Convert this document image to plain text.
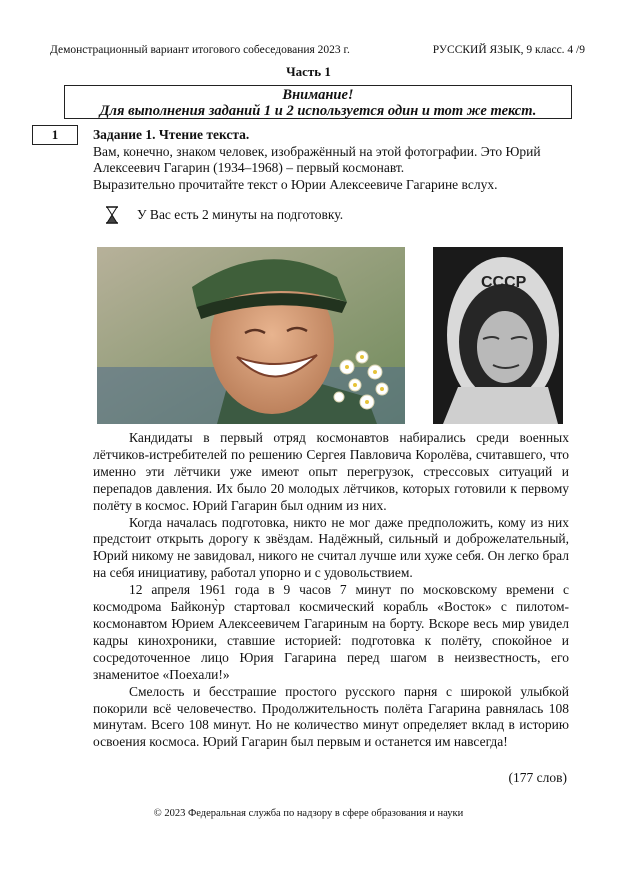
Демонстрационный вариант итогового собеседования 2023 г.	РУССКИЙ ЯЗЫК, 9 класс. 4 /9
Часть 1
Внимание!
Для выполнения заданий 1 и 2 используется один и тот же текст.
1	Задание 1. Чтение текста.
Вам, конечно, знаком человек, изображённый на этой фотографии. Это Юрий Алексеевич Гагарин (1934–1968) – первый космонавт.
Выразительно прочитайте текст о Юрии Алексеевиче Гагарине вслух.
У Вас есть 2 минуты на подготовку.
СССР

Кандидаты в первый отряд космонавтов набирались среди военных лётчиков-истребителей по решению Сергея Павловича Королёва, считавшего, что именно эти лётчики уже имеют опыт перегрузок, стрессовых ситуаций и перепадов давления. Их было 20 молодых лётчиков, которых готовили к первому полёту в космос. Юрий Гагарин был одним из них.

Когда началась подготовка, никто не мог даже предположить, кому из них предстоит открыть дорогу к звёздам. Надёжный, сильный и доброжелательный, Юрий никому не завидовал, никого не считал лучше или хуже себя. Он легко брал на себя инициативу, работал упорно и с удовольствием.

12 апреля 1961 года в 9 часов 7 минут по московскому времени с космодрома Байкону̀р стартовал космический корабль «Восток» с пилотом-космонавтом Юрием Алексеевичем Гагариным на борту. Вскоре весь мир увидел кадры кинохроники, ставшие историей: подготовка к полёту, спокойное и сосредоточенное лицо Юрия Гагарина перед шагом в неизвестность, его знаменитое «Поехали!»

Смелость и бесстрашие простого русского парня с широкой улыбкой покорили всё человечество. Продолжительность полёта Гагарина равнялась 108 минутам. Всего 108 минут. Но не количество минут определяет вклад в историю освоения космоса. Юрий Гагарин был первым и останется им навсегда!

(177 слов)
© 2023 Федеральная служба по надзору в сфере образования и науки
